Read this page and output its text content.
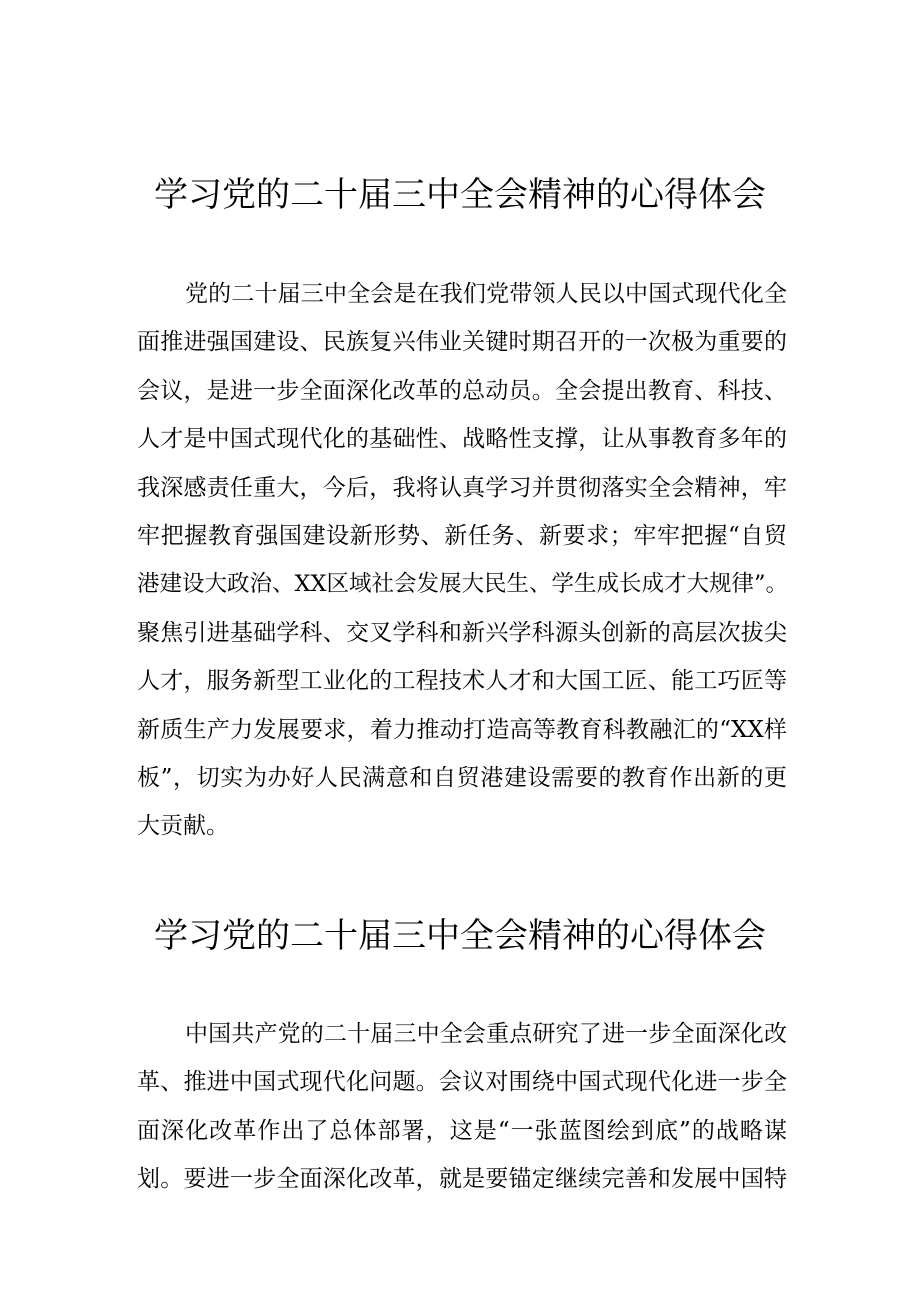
学习党的二十届三中全会精神的心得体会
党的二十届三中全会是在我们党带领人民以中国式现代化全
面推进强国建设、民族复兴伟业关键时期召开的一次极为重要的
会议，是进一步全面深化改革的总动员。全会提出教育、科技、
人才是中国式现代化的基础性、战略性支撑，让从事教育多年的
我深感责任重大，今后，我将认真学习并贯彻落实全会精神，牢
牢把握教育强国建设新形势、新任务、新要求；牢牢把握“自贸
港建设大政治、XX区域社会发展大民生、学生成长成才大规律”。
聚焦引进基础学科、交叉学科和新兴学科源头创新的高层次拔尖
人才，服务新型工业化的工程技术人才和大国工匠、能工巧匠等
新质生产力发展要求，着力推动打造高等教育科教融汇的“XX样
板”，切实为办好人民满意和自贸港建设需要的教育作出新的更
大贡献。
学习党的二十届三中全会精神的心得体会
中国共产党的二十届三中全会重点研究了进一步全面深化改
革、推进中国式现代化问题。会议对围绕中国式现代化进一步全
面深化改革作出了总体部署，这是“一张蓝图绘到底”的战略谋
划。要进一步全面深化改革，就是要锚定继续完善和发展中国特
